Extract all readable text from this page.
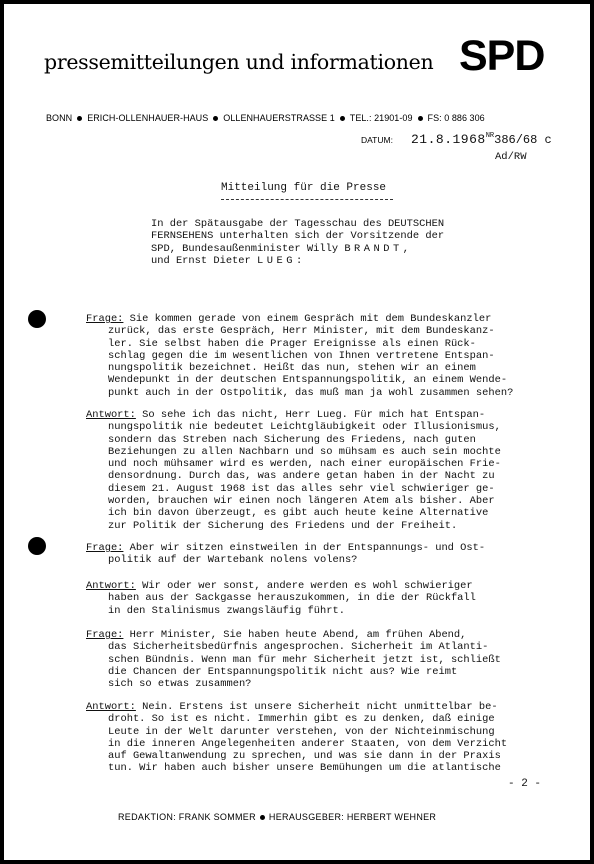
pressemitteilungen und informationen SPD
BONN ERICH-OLLENHAUER-HAUS OLLENHAUERSTRASSE 1 TEL.: 21901-09 FS: 0 886 306
DATUM: $21.8.1968^{NR}386/68$ c
Ad/RW
Mitteilung für die Presse
In der Spätausgabe der Tagesschau des DEUTSCHEN
FERNSEHENS unterhalten sich der Vorsitzende der
SPD, Bundesaußenminister Willy BRANDT,
und Ernst Dieter LUEG:
Frage: Sie kommen gerade von einem Gespräch mit dem Bundeskanzler
zurück, das erste Gespräch, Herr Minister, mit dem Bundeskanz-
ler. Sie selbst haben die Prager Ereignisse als einen Rück-
schlag gegen die im wesentlichen von Ihnen vertretene Entspan-
nungspolitik bezeichnet. Heißt das nun, stehen wir an einem
Wendepunkt in der deutschen Entspannungspolitik, an einem Wende-
punkt auch in der Ostpolitik, das muß man ja wohl zusammen sehen?
Antwort: So sehe ich das nicht, Herr Lueg. Für mich hat Entspan-
nungspolitik nie bedeutet Leichtgläubigkeit oder Illusionismus,
sondern das Streben nach Sicherung des Friedens, nach guten
Beziehungen zu allen Nachbarn und so mühsam es auch sein mochte
und noch mühsamer wird es werden, nach einer europäischen Frie-
densordnung. Durch das, was andere getan haben in der Nacht zu
diesem 21. August 1968 ist das alles sehr viel schwieriger ge-
worden, brauchen wir einen noch längeren Atem als bisher. Aber
ich bin davon überzeugt, es gibt auch heute keine Alternative
zur Politik der Sicherung des Friedens und der Freiheit.
Frage: Aber wir sitzen einstweilen in der Entspannungs- und Ost-
politik auf der Wartebank nolens volens?
Antwort: Wir oder wer sonst, andere werden es wohl schwieriger
haben aus der Sackgasse herauszukommen, in die der Rückfall
in den Stalinismus zwangsläufig führt.
Frage: Herr Minister, Sie haben heute Abend, am frühen Abend,
das Sicherheitsbedürfnis angesprochen. Sicherheit im Atlanti-
schen Bündnis. Wenn man für mehr Sicherheit jetzt ist, schließt
die Chancen der Entspannungspolitik nicht aus? Wie reimt
sich so etwas zusammen?
Antwort: Nein. Erstens ist unsere Sicherheit nicht unmittelbar be-
droht. So ist es nicht. Immerhin gibt es zu denken, daß einige
Leute in der Welt darunter verstehen, von der Nichteinmischung
in die inneren Angelegenheiten anderer Staaten, von dem Verzicht
auf Gewaltanwendung zu sprechen, und was sie dann in der Praxis
tun. Wir haben auch bisher unsere Bemühungen um die atlantische
- 2 -
REDAKTION: FRANK SOMMER HERAUSGEBER: HERBERT WEHNER
